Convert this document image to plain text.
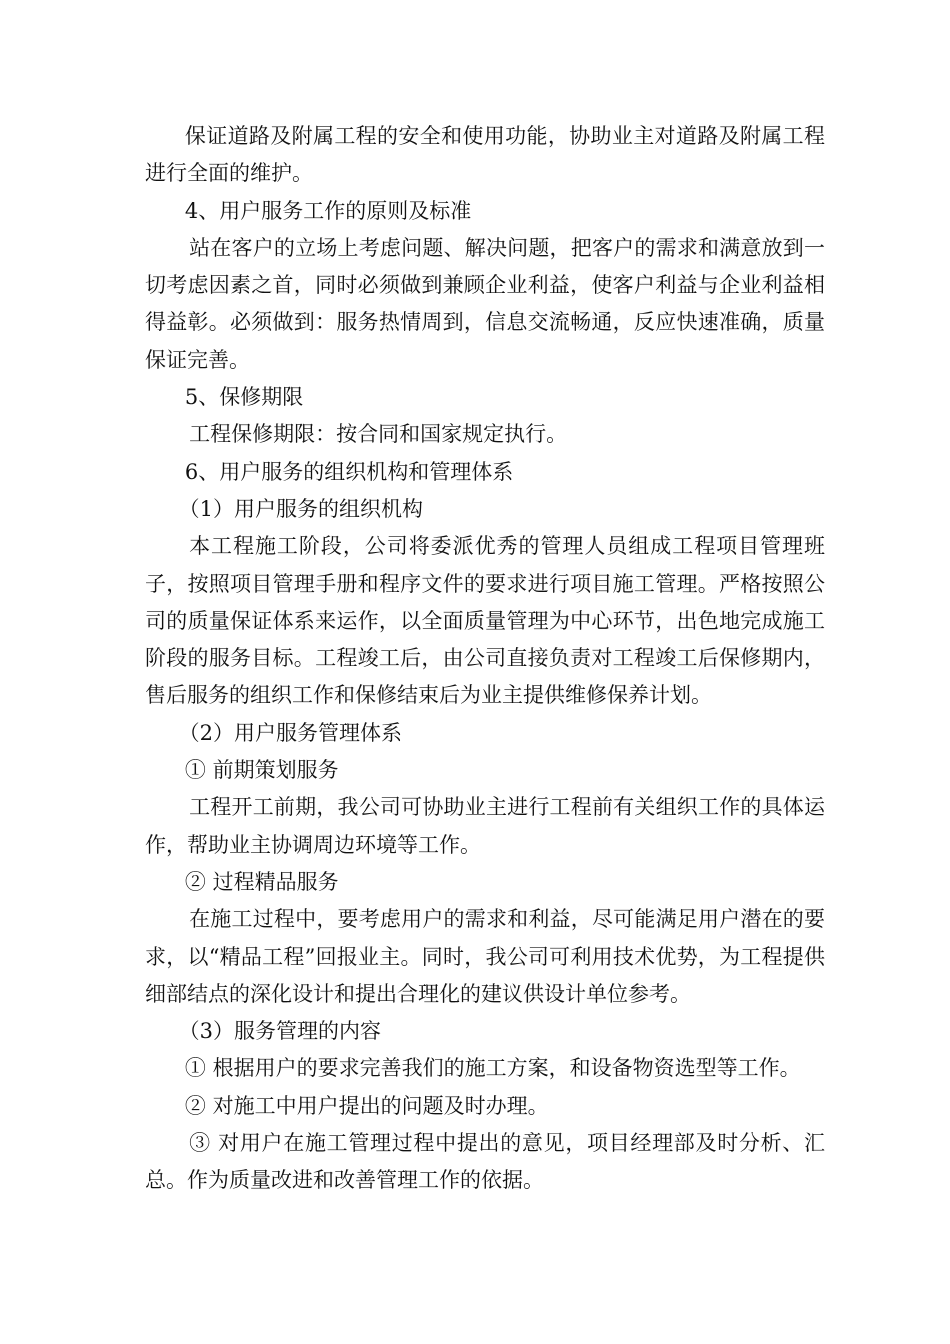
保证道路及附属工程的安全和使用功能，协助业主对道路及附属工程进行全面的维护。

4、用户服务工作的原则及标准

站在客户的立场上考虑问题、解决问题，把客户的需求和满意放到一切考虑因素之首，同时必须做到兼顾企业利益，使客户利益与企业利益相得益彰。必须做到：服务热情周到，信息交流畅通，反应快速准确，质量保证完善。

5、保修期限

工程保修期限：按合同和国家规定执行。

6、用户服务的组织机构和管理体系

（1）用户服务的组织机构

本工程施工阶段，公司将委派优秀的管理人员组成工程项目管理班子，按照项目管理手册和程序文件的要求进行项目施工管理。严格按照公司的质量保证体系来运作，以全面质量管理为中心环节，出色地完成施工阶段的服务目标。工程竣工后，由公司直接负责对工程竣工后保修期内，售后服务的组织工作和保修结束后为业主提供维修保养计划。

（2）用户服务管理体系

① 前期策划服务

工程开工前期，我公司可协助业主进行工程前有关组织工作的具体运作，帮助业主协调周边环境等工作。

② 过程精品服务

在施工过程中，要考虑用户的需求和利益，尽可能满足用户潜在的要求，以“精品工程”回报业主。同时，我公司可利用技术优势，为工程提供细部结点的深化设计和提出合理化的建议供设计单位参考。

（3）服务管理的内容

① 根据用户的要求完善我们的施工方案，和设备物资选型等工作。

② 对施工中用户提出的问题及时办理。

③ 对用户在施工管理过程中提出的意见，项目经理部及时分析、汇总。作为质量改进和改善管理工作的依据。
